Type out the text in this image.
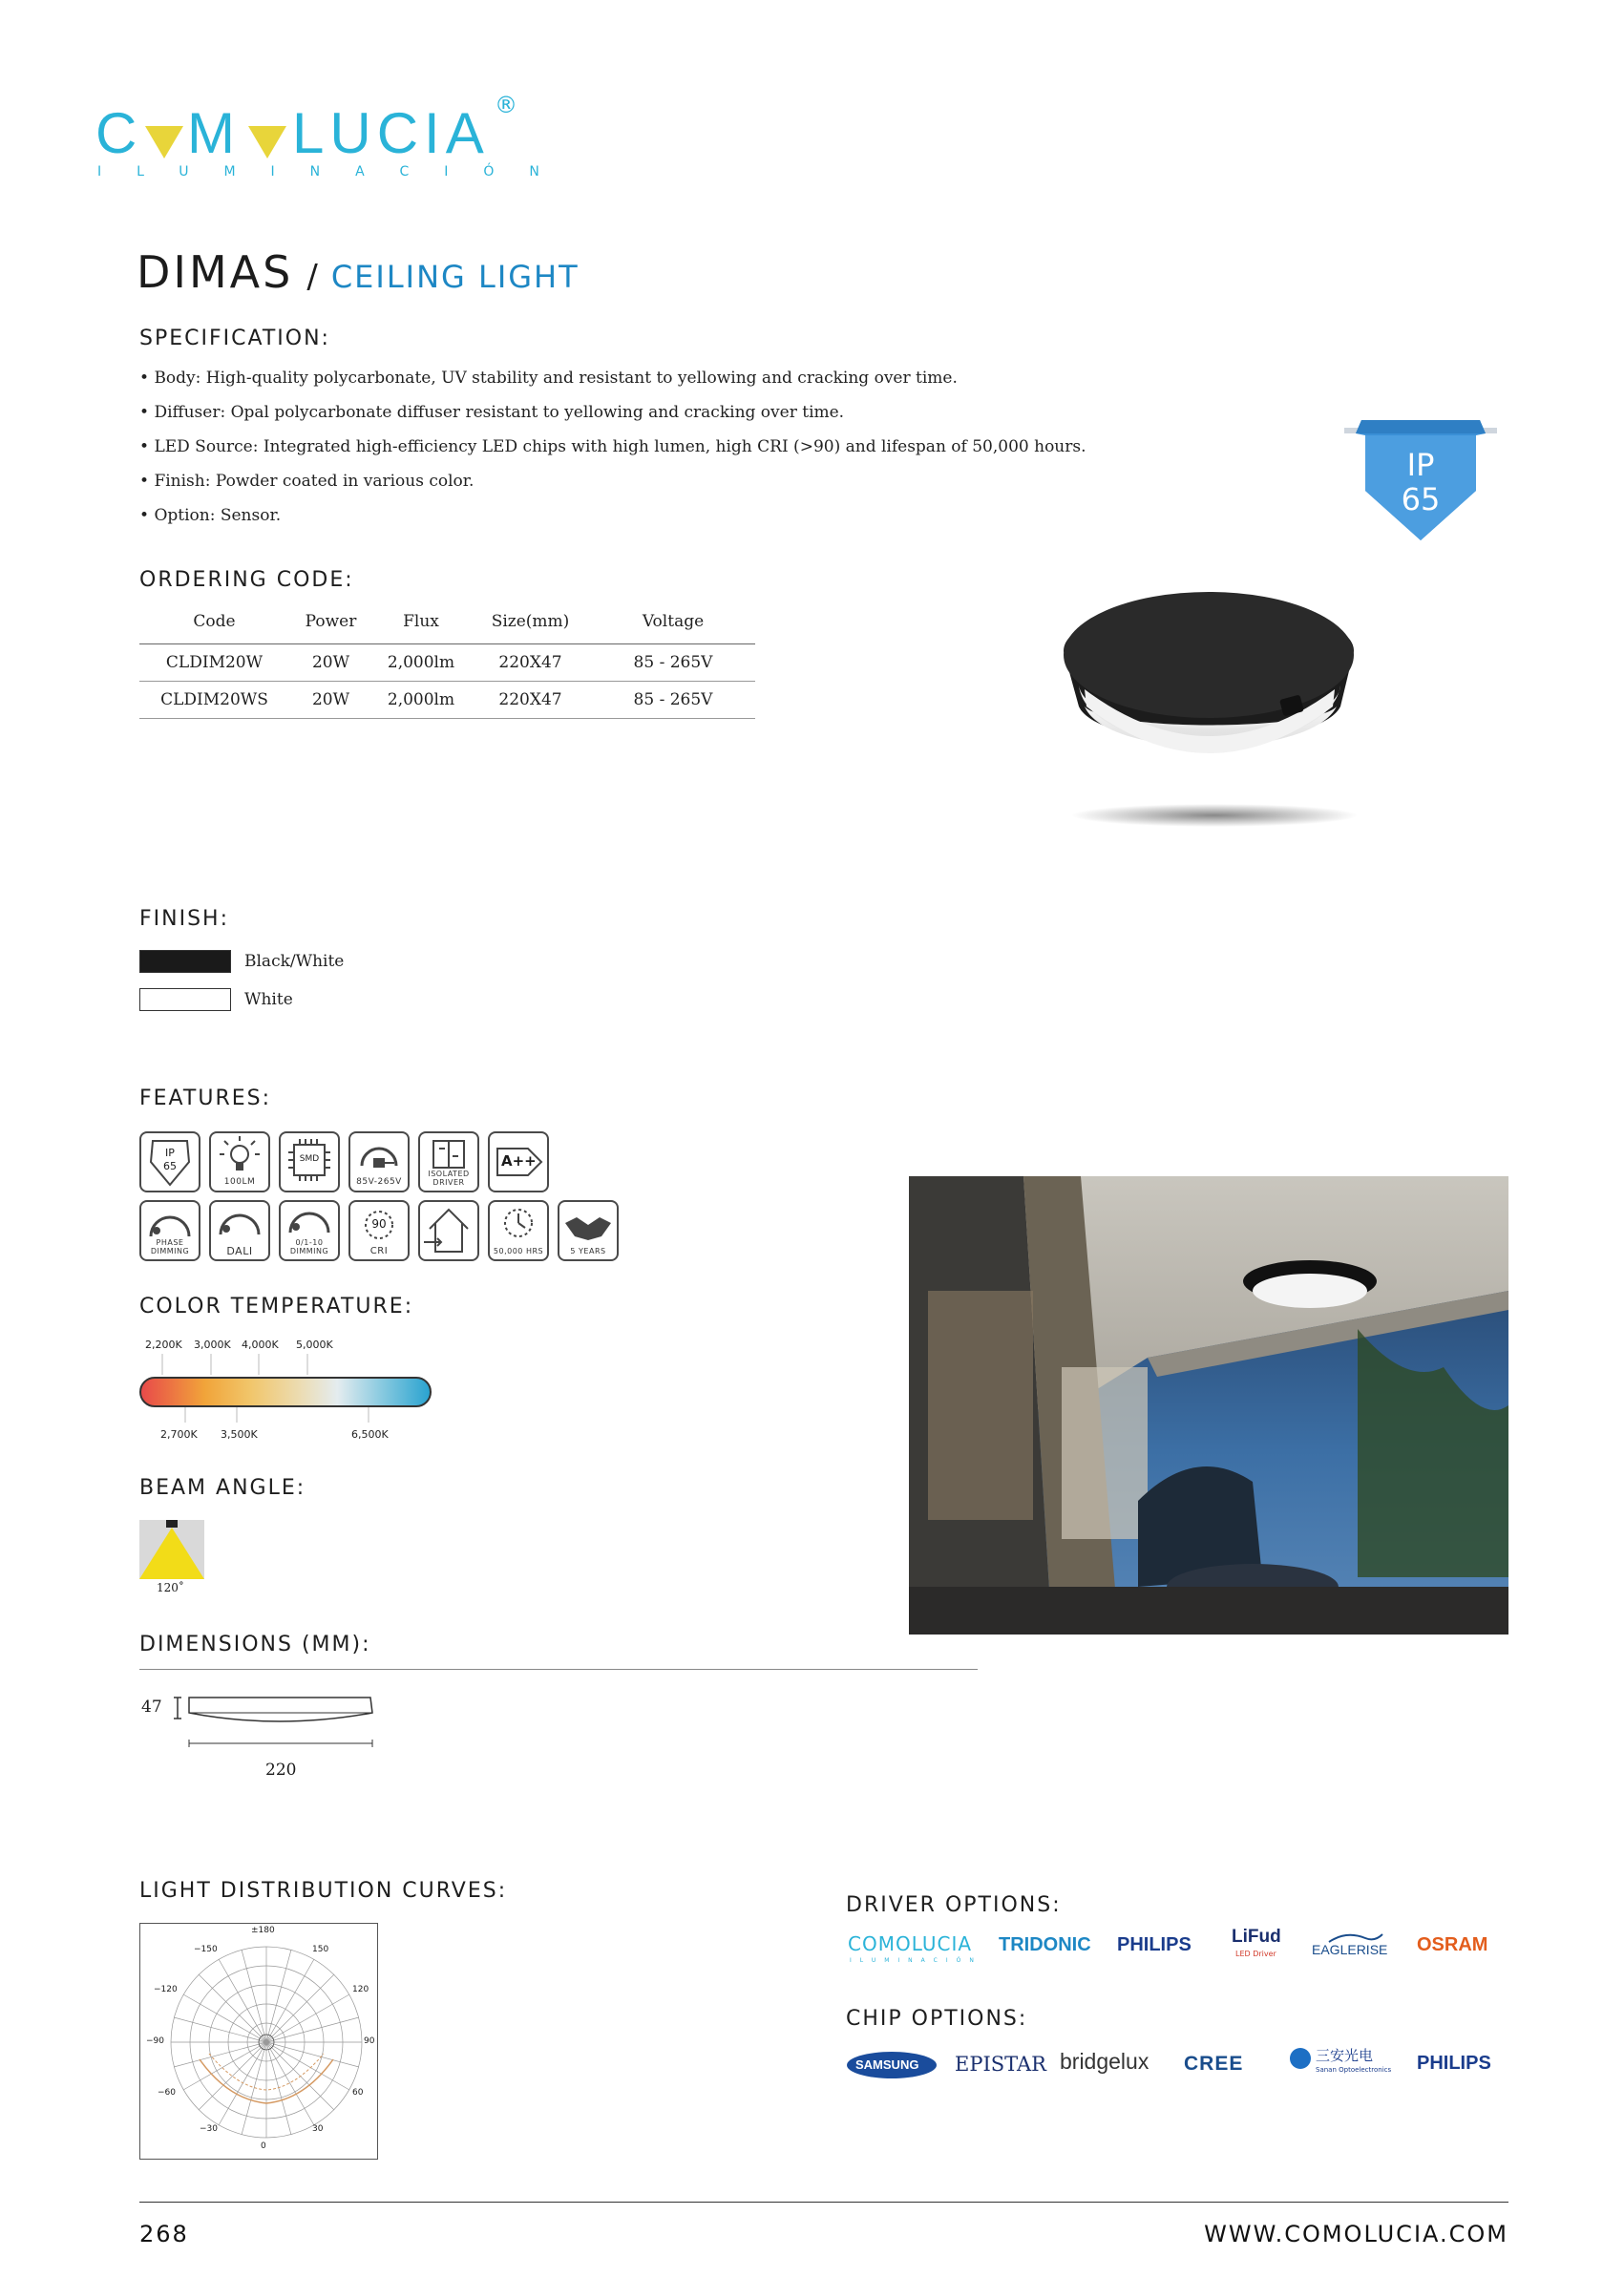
C M LUCIA ®
ILUMINACIÓN
DIMAS / CEILING LIGHT
SPECIFICATION:
• Body: High-quality polycarbonate, UV stability and resistant to yellowing and cracking over time.
• Diffuser: Opal polycarbonate diffuser resistant to yellowing and cracking over time.
• LED Source: Integrated high-efficiency LED chips with high lumen, high CRI (>90) and lifespan of 50,000 hours.
• Finish: Powder coated in various color.
• Option: Sensor.
IP
65
ORDERING CODE:
Code	Power	Flux	Size(mm)	Voltage
CLDIM20W	20W	2,000lm	220X47	85 - 265V
CLDIM20WS	20W	2,000lm	220X47	85 - 265V
FINISH:
Black/White
White
FEATURES:
IP
65
100LM
SMD
85V-265V
ISOLATED DRIVER
A++
PHASE DIMMING	DALI
0/1-10 DIMMING
90
CRI	50,000 HRS	5 YEARS
COLOR TEMPERATURE:
2,200K 3,000K 4,000K 5,000K
2,700K 3,500K	6,500K
BEAM ANGLE:
120˚
DIMENSIONS (MM):
47
220
LIGHT DISTRIBUTION CURVES:
±180
−150	150
−120	120
−90	90
−60	60
−30	30
0
DRIVER OPTIONS:
COMOLUCIA
ILUMINACIÓN
TRIDONIC PHILIPS LiFud
LED Driver	EAGLERISE OSRAM
CHIP OPTIONS:
SAMSUNG EPISTAR bridgelux CREE	三安光电
Sanan Optoelectronics PHILIPS
268	WWW.COMOLUCIA.COM
